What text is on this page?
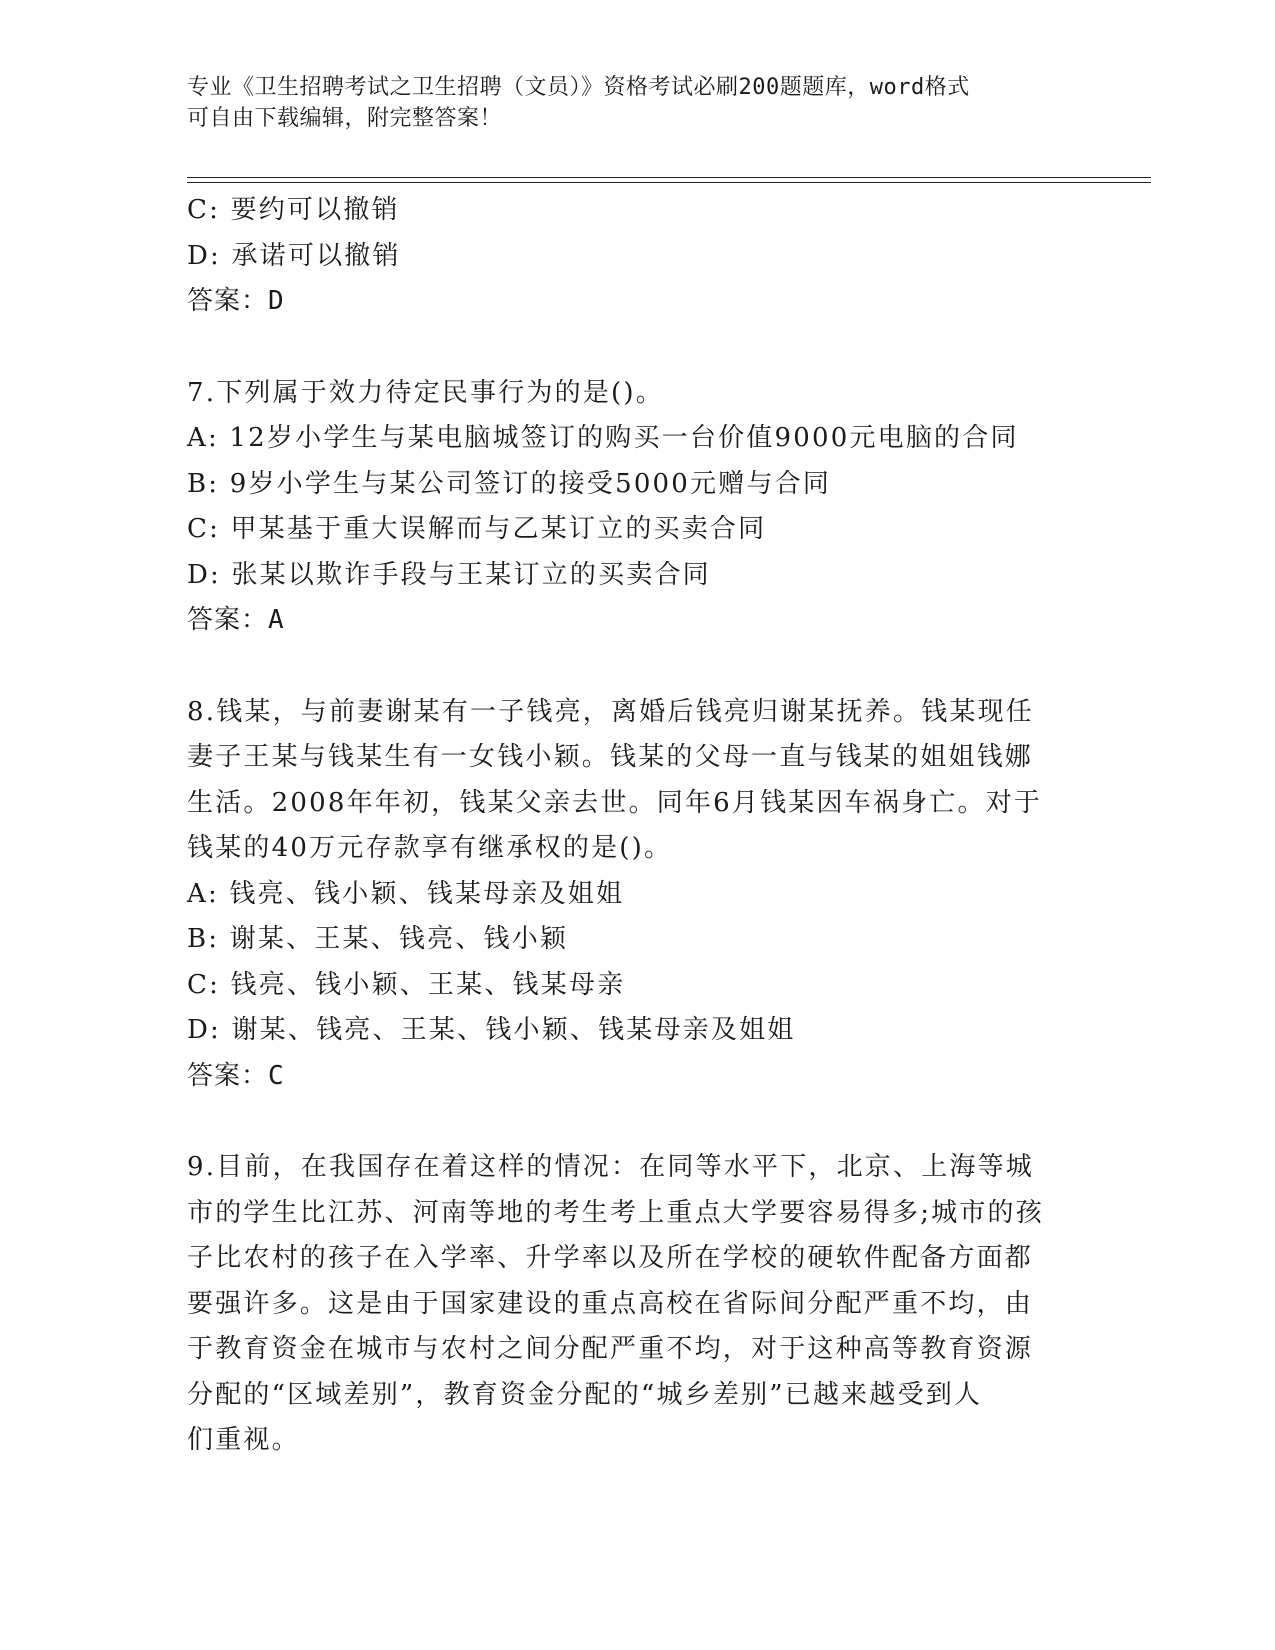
专业《卫生招聘考试之卫生招聘（文员）》资格考试必刷200题题库，word格式
可自由下载编辑，附完整答案！
C: 要约可以撤销
D: 承诺可以撤销
答案：D
7.下列属于效力待定民事行为的是()。
A: 12岁小学生与某电脑城签订的购买一台价值9000元电脑的合同
B: 9岁小学生与某公司签订的接受5000元赠与合同
C: 甲某基于重大误解而与乙某订立的买卖合同
D: 张某以欺诈手段与王某订立的买卖合同
答案：A
8.钱某，与前妻谢某有一子钱亮，离婚后钱亮归谢某抚养。钱某现任
妻子王某与钱某生有一女钱小颖。钱某的父母一直与钱某的姐姐钱娜
生活。2008年年初，钱某父亲去世。同年6月钱某因车祸身亡。对于
钱某的40万元存款享有继承权的是()。
A: 钱亮、钱小颖、钱某母亲及姐姐
B: 谢某、王某、钱亮、钱小颖
C: 钱亮、钱小颖、王某、钱某母亲
D: 谢某、钱亮、王某、钱小颖、钱某母亲及姐姐
答案：C
9.目前，在我国存在着这样的情况：在同等水平下，北京、上海等城
市的学生比江苏、河南等地的考生考上重点大学要容易得多;城市的孩
子比农村的孩子在入学率、升学率以及所在学校的硬软件配备方面都
要强许多。这是由于国家建设的重点高校在省际间分配严重不均，由
于教育资金在城市与农村之间分配严重不均，对于这种高等教育资源
分配的“区域差别”，教育资金分配的“城乡差别”已越来越受到人
们重视。
